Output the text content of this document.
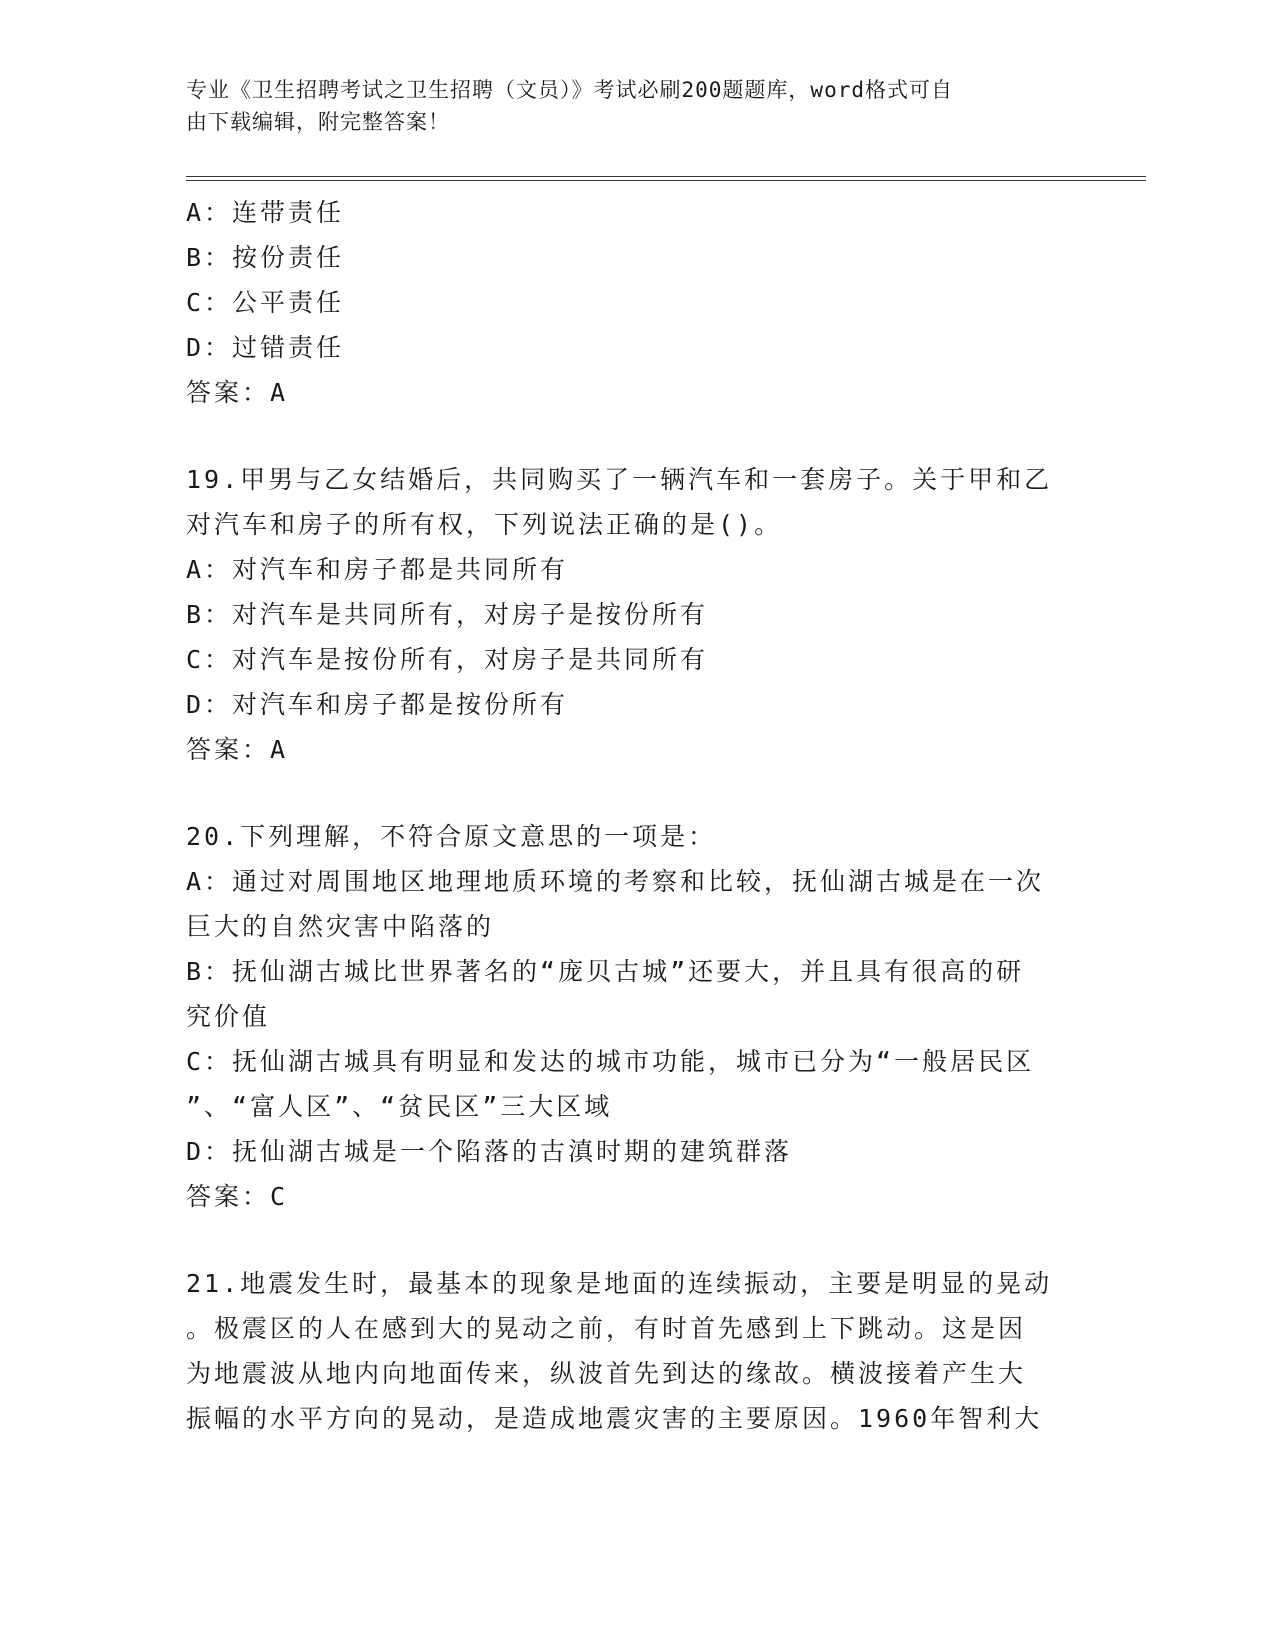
专业《卫生招聘考试之卫生招聘（文员）》考试必刷200题题库，word格式可自
由下载编辑，附完整答案！
A：连带责任
B：按份责任
C：公平责任
D：过错责任
答案：A
19.甲男与乙女结婚后，共同购买了一辆汽车和一套房子。关于甲和乙
对汽车和房子的所有权，下列说法正确的是()。
A：对汽车和房子都是共同所有
B：对汽车是共同所有，对房子是按份所有
C：对汽车是按份所有，对房子是共同所有
D：对汽车和房子都是按份所有
答案：A
20.下列理解，不符合原文意思的一项是：
A：通过对周围地区地理地质环境的考察和比较，抚仙湖古城是在一次
巨大的自然灾害中陷落的
B：抚仙湖古城比世界著名的“庞贝古城”还要大，并且具有很高的研
究价值
C：抚仙湖古城具有明显和发达的城市功能，城市已分为“一般居民区
”、“富人区”、“贫民区”三大区域
D：抚仙湖古城是一个陷落的古滇时期的建筑群落
答案：C
21.地震发生时，最基本的现象是地面的连续振动，主要是明显的晃动
。极震区的人在感到大的晃动之前，有时首先感到上下跳动。这是因
为地震波从地内向地面传来，纵波首先到达的缘故。横波接着产生大
振幅的水平方向的晃动，是造成地震灾害的主要原因。1960年智利大
